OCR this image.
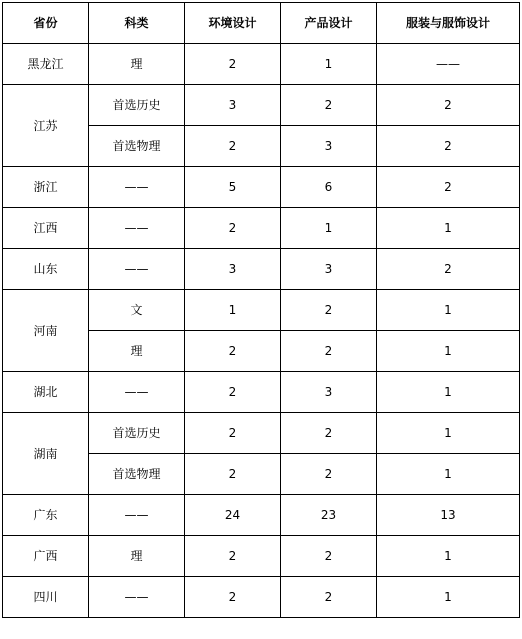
省份	科类	环境设计	产品设计	服装与服饰设计
黑龙江	理	2	1	——
江苏	首选历史	3	2	2
	首选物理	2	3	2
浙江	——	5	6	2
江西	——	2	1	1
山东	——	3	3	2
河南	文	1	2	1
	理	2	2	1
湖北	——	2	3	1
湖南	首选历史	2	2	1
	首选物理	2	2	1
广东	——	24	23	13
广西	理	2	2	1
四川	——	2	2	1
